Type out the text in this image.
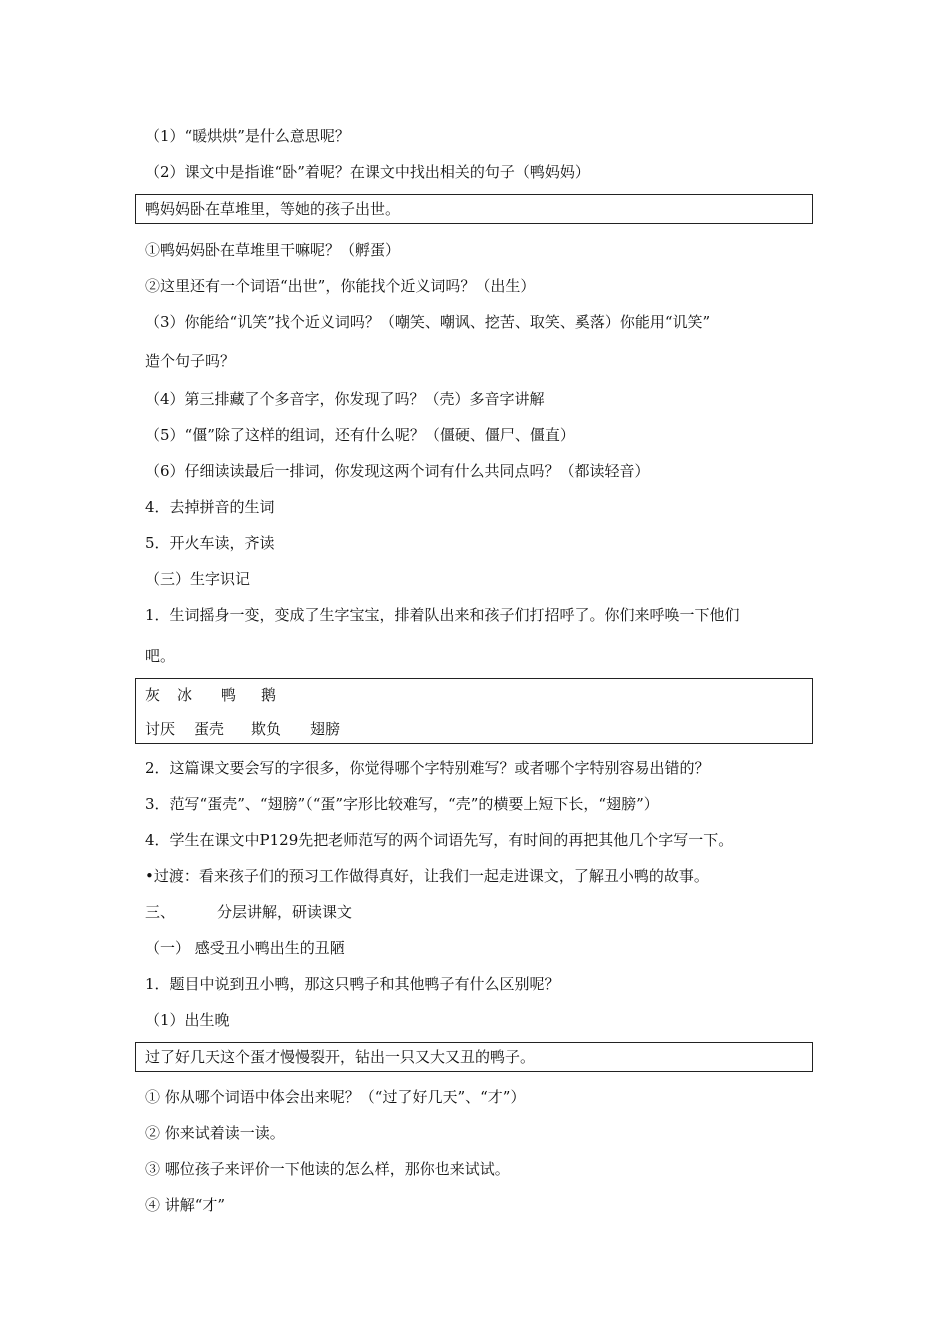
（1）“暖烘烘”是什么意思呢？
（2）课文中是指谁“卧”着呢？在课文中找出相关的句子（鸭妈妈）
鸭妈妈卧在草堆里，等她的孩子出世。
①鸭妈妈卧在草堆里干嘛呢？（孵蛋）
②这里还有一个词语“出世”，你能找个近义词吗？（出生）
（3）你能给“讥笑”找个近义词吗？（嘲笑、嘲讽、挖苦、取笑、奚落）你能用“讥笑”
造个句子吗？
（4）第三排藏了个多音字，你发现了吗？（壳）多音字讲解
（5）“僵”除了这样的组词，还有什么呢？（僵硬、僵尸、僵直）
（6）仔细读读最后一排词，你发现这两个词有什么共同点吗？（都读轻音）
4．去掉拼音的生词
5．开火车读，齐读
（三）生字识记
1．生词摇身一变，变成了生字宝宝，排着队出来和孩子们打招呼了。你们来呼唤一下他们
吧。
灰 冰 鸭 鹅
讨厌 蛋壳 欺负 翅膀
2．这篇课文要会写的字很多，你觉得哪个字特别难写？或者哪个字特别容易出错的？
3．范写“蛋壳”、“翅膀”（“蛋”字形比较难写，“壳”的横要上短下长，“翅膀”）
4．学生在课文中P129先把老师范写的两个词语先写，有时间的再把其他几个字写一下。
•过渡：看来孩子们的预习工作做得真好，让我们一起走进课文，了解丑小鸭的故事。
三、	分层讲解，研读课文
（一） 感受丑小鸭出生的丑陋
1．题目中说到丑小鸭，那这只鸭子和其他鸭子有什么区别呢？
（1）出生晚
过了好几天这个蛋才慢慢裂开，钻出一只又大又丑的鸭子。
① 你从哪个词语中体会出来呢？（“过了好几天”、“才”）
② 你来试着读一读。
③ 哪位孩子来评价一下他读的怎么样，那你也来试试。
④ 讲解“才”
